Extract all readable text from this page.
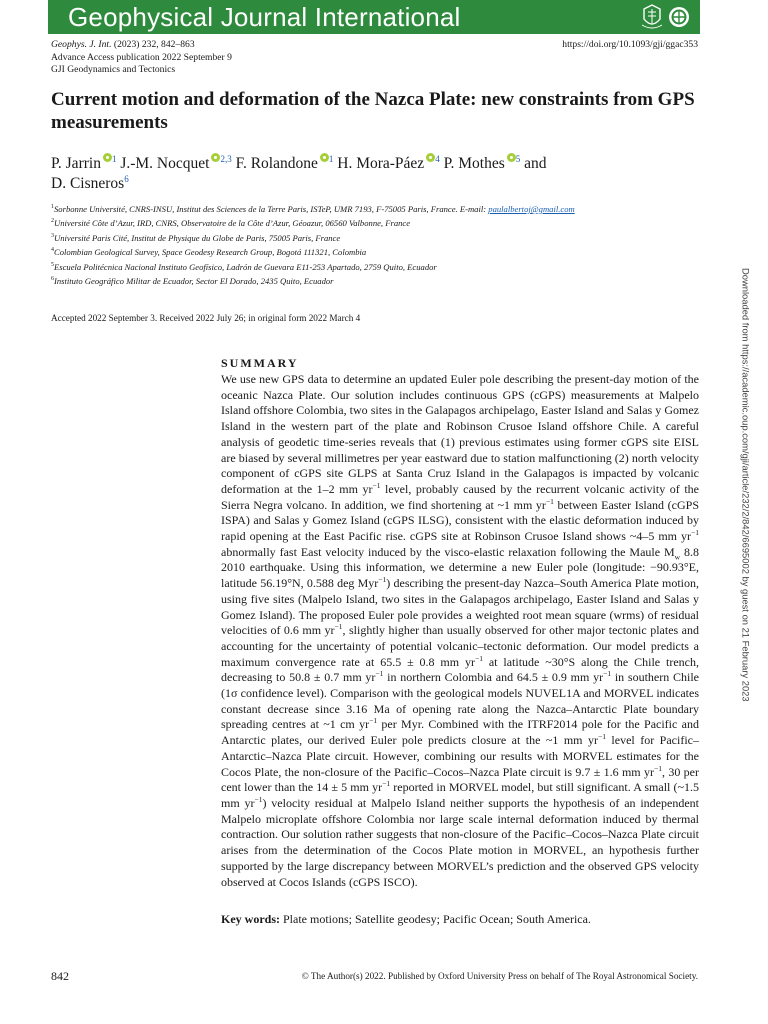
Geophysical Journal International
Geophys. J. Int. (2023) 232, 842–863
Advance Access publication 2022 September 9
GJI Geodynamics and Tectonics
https://doi.org/10.1093/gji/ggac353
Current motion and deformation of the Nazca Plate: new constraints from GPS measurements
P. Jarrin $^1$ J.-M. Nocquet $^{2,3}$ F. Rolandone $^1$ H. Mora-Páez $^4$ P. Mothes $^5$ and
D. Cisneros$^6$
$^1$Sorbonne Université, CNRS-INSU, Institut des Sciences de la Terre Paris, ISTeP, UMR 7193, F-75005 Paris, France. E-mail: paulalbertoj@gmail.com
$^2$Université Côte d’Azur, IRD, CNRS, Observatoire de la Côte d’Azur, Géoazur, 06560 Valbonne, France
$^3$Université Paris Cité, Institut de Physique du Globe de Paris, 75005 Paris, France
$^4$Colombian Geological Survey, Space Geodesy Research Group, Bogotá 111321, Colombia
$^5$Escuela Politécnica Nacional Instituto Geofísico, Ladrón de Guevara E11-253 Apartado, 2759 Quito, Ecuador
$^6$Instituto Geográfico Militar de Ecuador, Sector El Dorado, 2435 Quito, Ecuador
Accepted 2022 September 3. Received 2022 July 26; in original form 2022 March 4	Downloaded from https://academic.oup.com/gji/article/232/2/842/6695002 by guest on 21 February 2023
SUMMARY
We use new GPS data to determine an updated Euler pole describing the present-day motion of the oceanic Nazca Plate. Our solution includes continuous GPS (cGPS) measurements at Malpelo Island offshore Colombia, two sites in the Galapagos archipelago, Easter Island and Salas y Gomez Island in the western part of the plate and Robinson Crusoe Island offshore Chile. A careful analysis of geodetic time-series reveals that (1) previous estimates using former cGPS site EISL are biased by several millimetres per year eastward due to station malfunctioning (2) north velocity component of cGPS site GLPS at Santa Cruz Island in the Galapagos is impacted by volcanic deformation at the 1–2 mm $yr^{-1}$ level, probably caused by the recurrent volcanic activity of the Sierra Negra volcano. In addition, we find shortening at ~1 mm $yr^{-1}$ between Easter Island (cGPS ISPA) and Salas y Gomez Island (cGPS ILSG), consistent with the elastic deformation induced by rapid opening at the East Pacific rise. cGPS site at Robinson Crusoe Island shows ~4–5 mm $yr^{-1}$ abnormally fast East velocity induced by the visco-elastic relaxation following the Maule $M_w$ 8.8 2010 earthquake. Using this information, we determine a new Euler pole (longitude: −90.93°E, latitude 56.19°N, 0.588 deg Myr$^{-1}$) describing the present-day Nazca–South America Plate motion, using five sites (Malpelo Island, two sites in the Galapagos archipelago, Easter Island and Salas y Gomez Island). The proposed Euler pole provides a weighted root mean square (wrms) of residual velocities of 0.6 mm $yr^{-1}$, slightly higher than usually observed for other major tectonic plates and accounting for the uncertainty of potential volcanic–tectonic deformation. Our model predicts a maximum convergence rate at 65.5 ± 0.8 mm $yr^{-1}$ at latitude ~30°S along the Chile trench, decreasing to 50.8 ± 0.7 mm $yr^{-1}$ in northern Colombia and 64.5 ± 0.9 mm $yr^{-1}$ in southern Chile (1σ confidence level). Comparison with the geological models NUVEL1A and MORVEL indicates constant decrease since 3.16 Ma of opening rate along the Nazca–Antarctic Plate boundary spreading centres at ~1 cm $yr^{-1}$ per Myr. Combined with the ITRF2014 pole for the Pacific and Antarctic plates, our derived Euler pole predicts closure at the ~1 mm $yr^{-1}$ level for Pacific–Antarctic–Nazca Plate circuit. However, combining our results with MORVEL estimates for the Cocos Plate, the non-closure of the Pacific–Cocos–Nazca Plate circuit is 9.7 ± 1.6 mm $yr^{-1}$, 30 per cent lower than the 14 ± 5 mm $yr^{-1}$ reported in MORVEL model, but still significant. A small (~1.5 mm $yr^{-1}$) velocity residual at Malpelo Island neither supports the hypothesis of an independent Malpelo microplate offshore Colombia nor large scale internal deformation induced by thermal contraction. Our solution rather suggests that non-closure of the Pacific–Cocos–Nazca Plate circuit arises from the determination of the Cocos Plate motion in MORVEL, an hypothesis further supported by the large discrepancy between MORVEL’s prediction and the observed GPS velocity observed at Cocos Islands (cGPS ISCO).
Key words: Plate motions; Satellite geodesy; Pacific Ocean; South America.
842	© The Author(s) 2022. Published by Oxford University Press on behalf of The Royal Astronomical Society.
